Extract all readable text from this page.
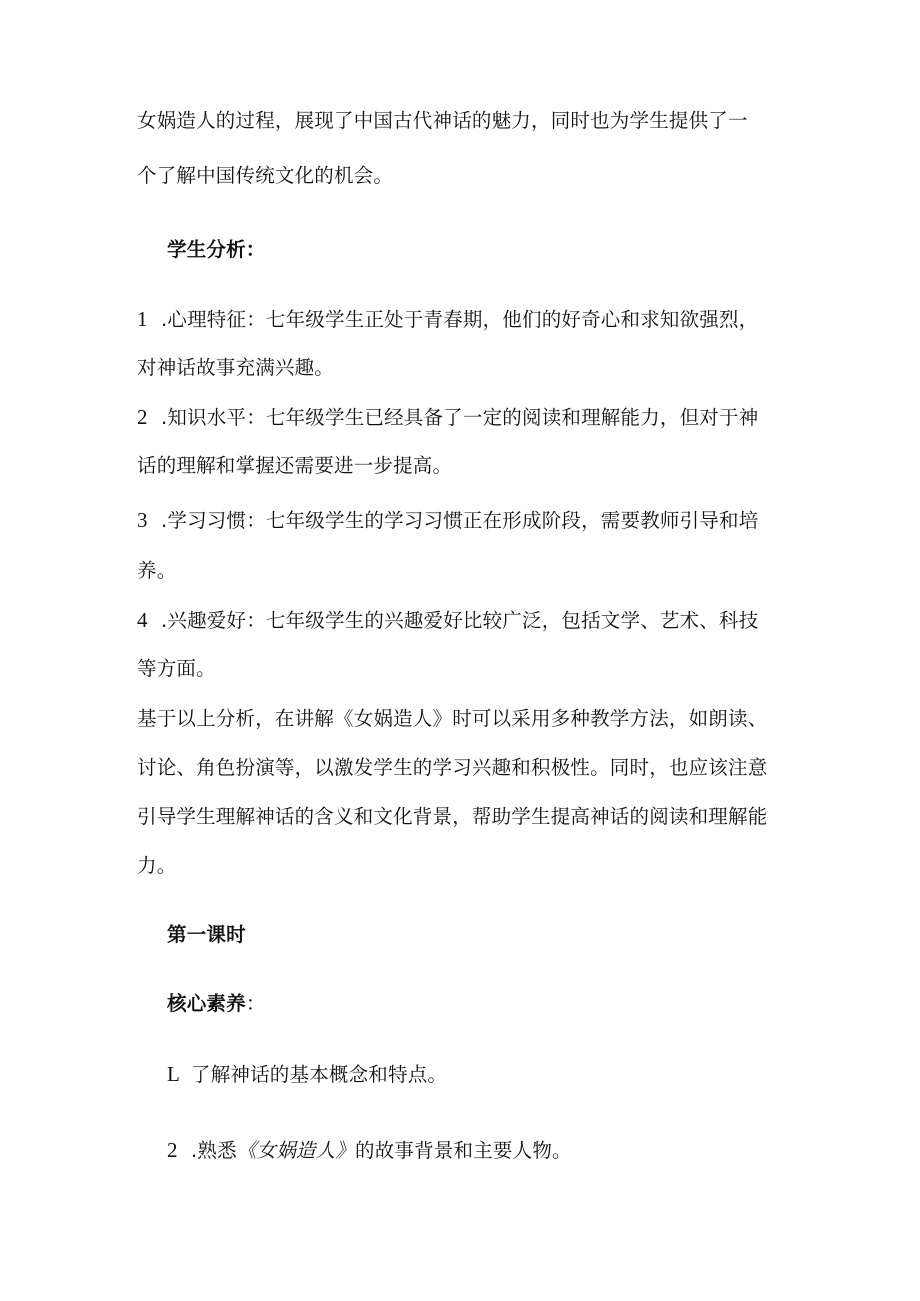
女娲造人的过程，展现了中国古代神话的魅力，同时也为学生提供了一
个了解中国传统文化的机会。
学生分析：
1 .心理特征：七年级学生正处于青春期，他们的好奇心和求知欲强烈，
对神话故事充满兴趣。
2 .知识水平：七年级学生已经具备了一定的阅读和理解能力，但对于神
话的理解和掌握还需要进一步提高。
3 .学习习惯：七年级学生的学习习惯正在形成阶段，需要教师引导和培
养。
4 .兴趣爱好：七年级学生的兴趣爱好比较广泛，包括文学、艺术、科技
等方面。
基于以上分析，在讲解《女娲造人》时可以采用多种教学方法，如朗读、
讨论、角色扮演等，以激发学生的学习兴趣和积极性。同时，也应该注意
引导学生理解神话的含义和文化背景，帮助学生提高神话的阅读和理解能
力。
第一课时
核心素养：
L 了解神话的基本概念和特点。
2 .熟悉《女娲造人》的故事背景和主要人物。
